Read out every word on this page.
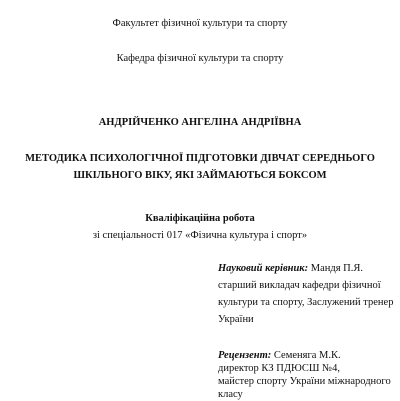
Факультет фізичної культури та спорту
Кафедра фізичної культури та спорту
АНДРІЙЧЕНКО АНГЕЛІНА АНДРІЇВНА
МЕТОДИКА ПСИХОЛОГІЧНОЇ ПІДГОТОВКИ ДІВЧАТ СЕРЕДНЬОГО
ШКІЛЬНОГО ВІКУ, ЯКІ ЗАЙМАЮТЬСЯ БОКСОМ
Кваліфікаційна робота
зі спеціальності 017 «Фізична культура і спорт»
Науковий керівник: Мандя П.Я.
старший викладач кафедри фізичної
культури та спорту, Заслужений тренер
України
Рецензент: Семеняга М.К.
директор КЗ ПДЮСШ №4,
майстер спорту України міжнародного
класу
